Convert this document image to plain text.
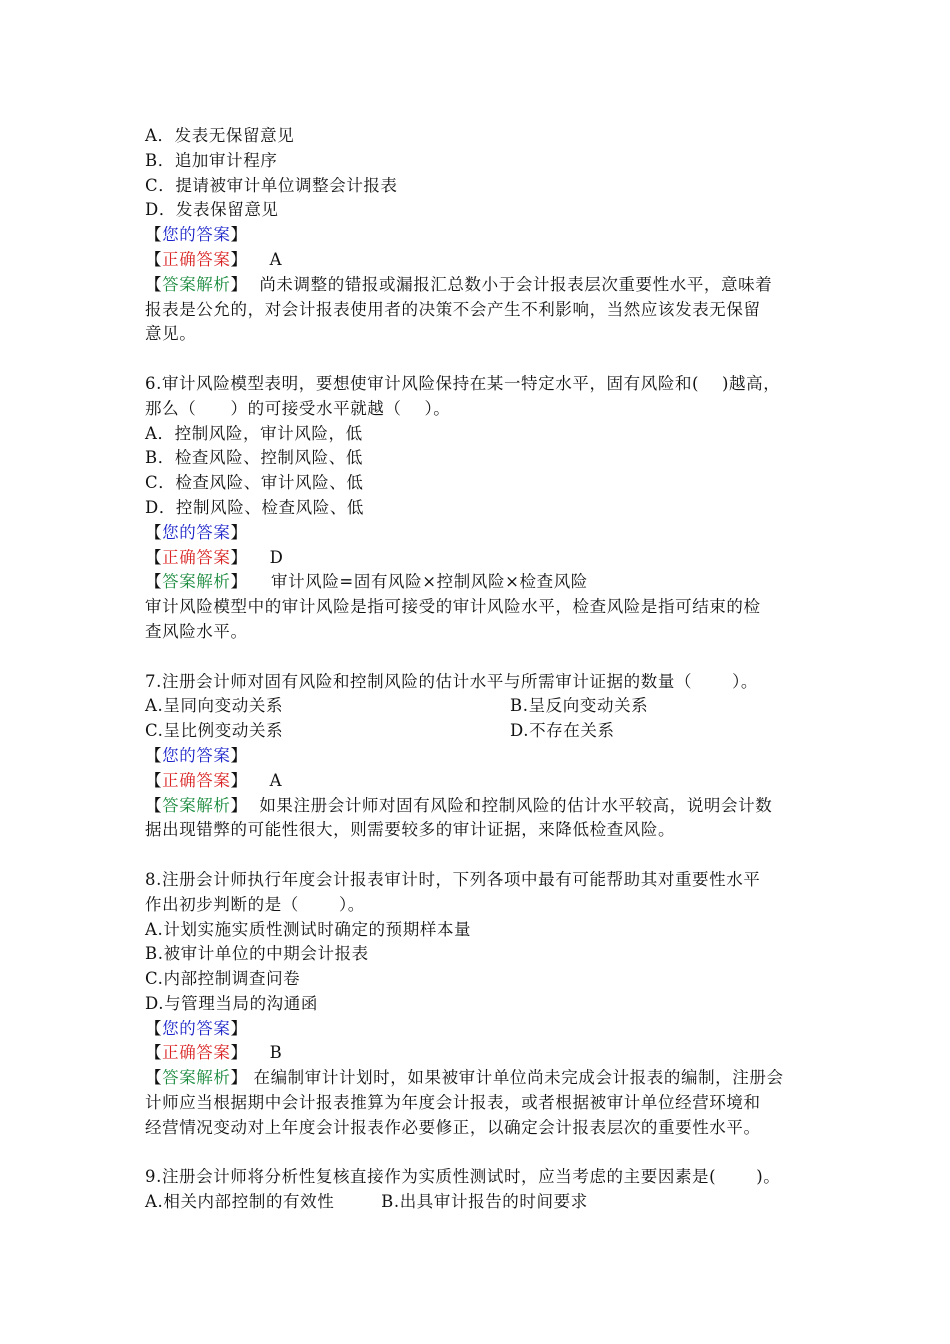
A．发表无保留意见
B．追加审计程序
C．提请被审计单位调整会计报表
D．发表保留意见
【您的答案】
【正确答案】 A
【答案解析】 尚未调整的错报或漏报汇总数小于会计报表层次重要性水平，意味着
报表是公允的，对会计报表使用者的决策不会产生不利影响，当然应该发表无保留
意见。
6.审计风险模型表明，要想使审计风险保持在某一特定水平，固有风险和(　 )越高，
那么（　　）的可接受水平就越（　 ）。
A．控制风险，审计风险，低
B．检查风险、控制风险、低
C．检查风险、审计风险、低
D．控制风险、检查风险、低
【您的答案】
【正确答案】 D
【答案解析】 审计风险=固有风险×控制风险×检查风险
审计风险模型中的审计风险是指可接受的审计风险水平，检查风险是指可结束的检
查风险水平。
7.注册会计师对固有风险和控制风险的估计水平与所需审计证据的数量（　　 ）。
A.呈同向变动关系	B.呈反向变动关系
C.呈比例变动关系	D.不存在关系
【您的答案】
【正确答案】 A
【答案解析】 如果注册会计师对固有风险和控制风险的估计水平较高，说明会计数
据出现错弊的可能性很大，则需要较多的审计证据，来降低检查风险。
8.注册会计师执行年度会计报表审计时，下列各项中最有可能帮助其对重要性水平
作出初步判断的是（　　 ）。
A.计划实施实质性测试时确定的预期样本量
B.被审计单位的中期会计报表
C.内部控制调查问卷
D.与管理当局的沟通函
【您的答案】
【正确答案】 B
【答案解析】 在编制审计计划时，如果被审计单位尚未完成会计报表的编制，注册会
计师应当根据期中会计报表推算为年度会计报表，或者根据被审计单位经营环境和
经营情况变动对上年度会计报表作必要修正，以确定会计报表层次的重要性水平。
9.注册会计师将分析性复核直接作为实质性测试时，应当考虑的主要因素是(　　 )。
A.相关内部控制的有效性	B.出具审计报告的时间要求
